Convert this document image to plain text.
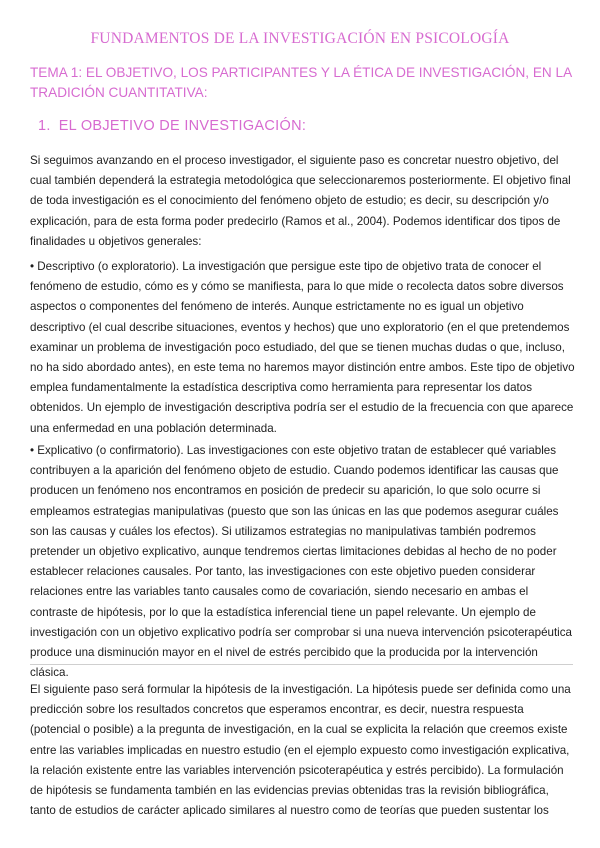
FUNDAMENTOS DE LA INVESTIGACIÓN EN PSICOLOGÍA
TEMA 1: EL OBJETIVO, LOS PARTICIPANTES Y LA ÉTICA DE INVESTIGACIÓN, EN LA TRADICIÓN CUANTITATIVA:
1. EL OBJETIVO DE INVESTIGACIÓN:

Si seguimos avanzando en el proceso investigador, el siguiente paso es concretar nuestro objetivo, del cual también dependerá la estrategia metodológica que seleccionaremos posteriormente. El objetivo final de toda investigación es el conocimiento del fenómeno objeto de estudio; es decir, su descripción y/o explicación, para de esta forma poder predecirlo (Ramos et al., 2004). Podemos identificar dos tipos de finalidades u objetivos generales:

• Descriptivo (o exploratorio). La investigación que persigue este tipo de objetivo trata de conocer el fenómeno de estudio, cómo es y cómo se manifiesta, para lo que mide o recolecta datos sobre diversos aspectos o componentes del fenómeno de interés. Aunque estrictamente no es igual un objetivo descriptivo (el cual describe situaciones, eventos y hechos) que uno exploratorio (en el que pretendemos examinar un problema de investigación poco estudiado, del que se tienen muchas dudas o que, incluso, no ha sido abordado antes), en este tema no haremos mayor distinción entre ambos. Este tipo de objetivo emplea fundamentalmente la estadística descriptiva como herramienta para representar los datos obtenidos. Un ejemplo de investigación descriptiva podría ser el estudio de la frecuencia con que aparece una enfermedad en una población determinada.

• Explicativo (o confirmatorio). Las investigaciones con este objetivo tratan de establecer qué variables contribuyen a la aparición del fenómeno objeto de estudio. Cuando podemos identificar las causas que producen un fenómeno nos encontramos en posición de predecir su aparición, lo que solo ocurre si empleamos estrategias manipulativas (puesto que son las únicas en las que podemos asegurar cuáles son las causas y cuáles los efectos). Si utilizamos estrategias no manipulativas también podremos pretender un objetivo explicativo, aunque tendremos ciertas limitaciones debidas al hecho de no poder establecer relaciones causales. Por tanto, las investigaciones con este objetivo pueden considerar relaciones entre las variables tanto causales como de covariación, siendo necesario en ambas el contraste de hipótesis, por lo que la estadística inferencial tiene un papel relevante. Un ejemplo de investigación con un objetivo explicativo podría ser comprobar si una nueva intervención psicoterapéutica produce una disminución mayor en el nivel de estrés percibido que la producida por la intervención clásica.

El siguiente paso será formular la hipótesis de la investigación. La hipótesis puede ser definida como una predicción sobre los resultados concretos que esperamos encontrar, es decir, nuestra respuesta (potencial o posible) a la pregunta de investigación, en la cual se explicita la relación que creemos existe entre las variables implicadas en nuestro estudio (en el ejemplo expuesto como investigación explicativa, la relación existente entre las variables intervención psicoterapéutica y estrés percibido). La formulación de hipótesis se fundamenta también en las evidencias previas obtenidas tras la revisión bibliográfica, tanto de estudios de carácter aplicado similares al nuestro como de teorías que pueden sustentar los
